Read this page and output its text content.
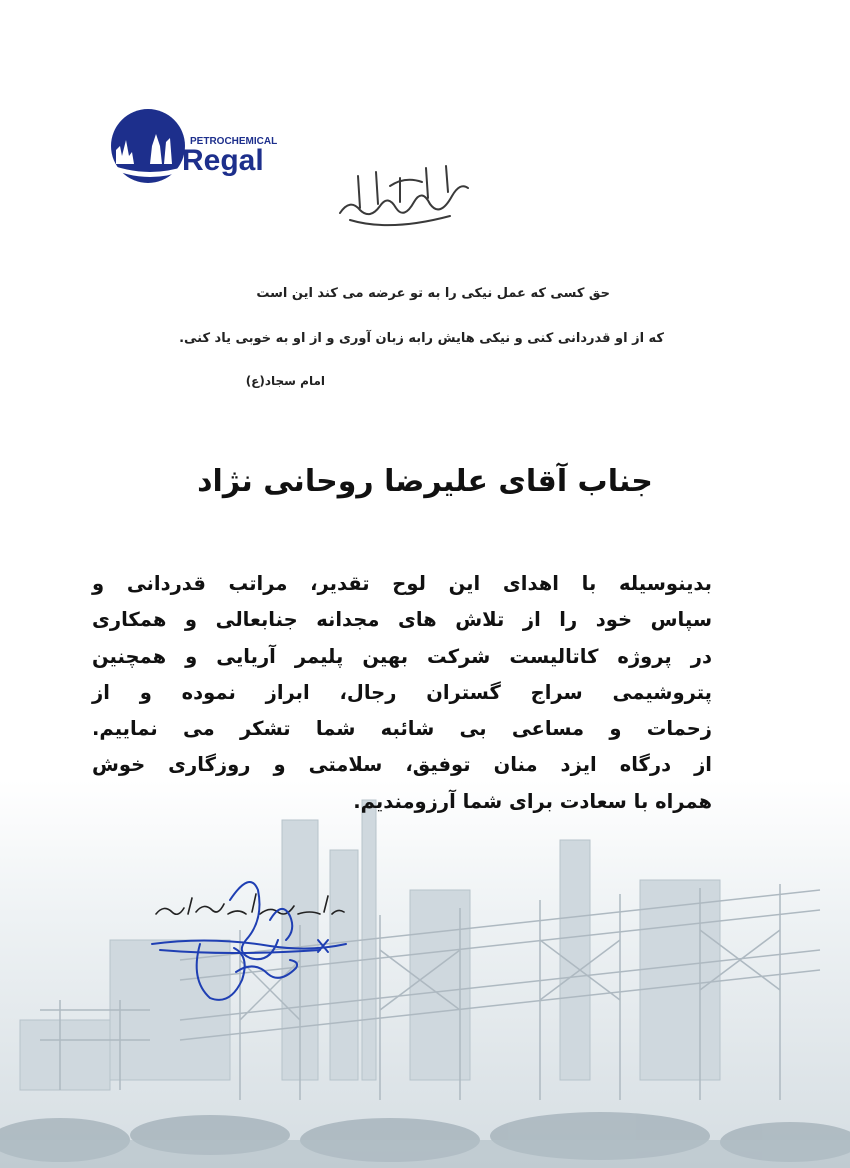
PETROCHEMICAL
Regal
حق کسی که عمل نیکی را به تو عرضه می کند این است
که از او قدردانی کنی و نیکی هایش رابه زبان آوری و از او به خوبی یاد کنی.
امام سجاد(ع)
جناب آقای علیرضا روحانی نژاد
بدینوسیله با اهدای این لوح تقدیر، مراتب قدردانی و
سپاس خود را از تلاش های مجدانه جنابعالی و همکاری
در پروژه کاتالیست شرکت بهین پلیمر آریایی و همچنین
پتروشیمی سراج گستران رجال، ابراز نموده و از
زحمات و مساعی بی شائبه شما تشکر می نماییم.
از درگاه ایزد منان توفیق، سلامتی و روزگاری خوش
همراه با سعادت برای شما آرزومندیم.
